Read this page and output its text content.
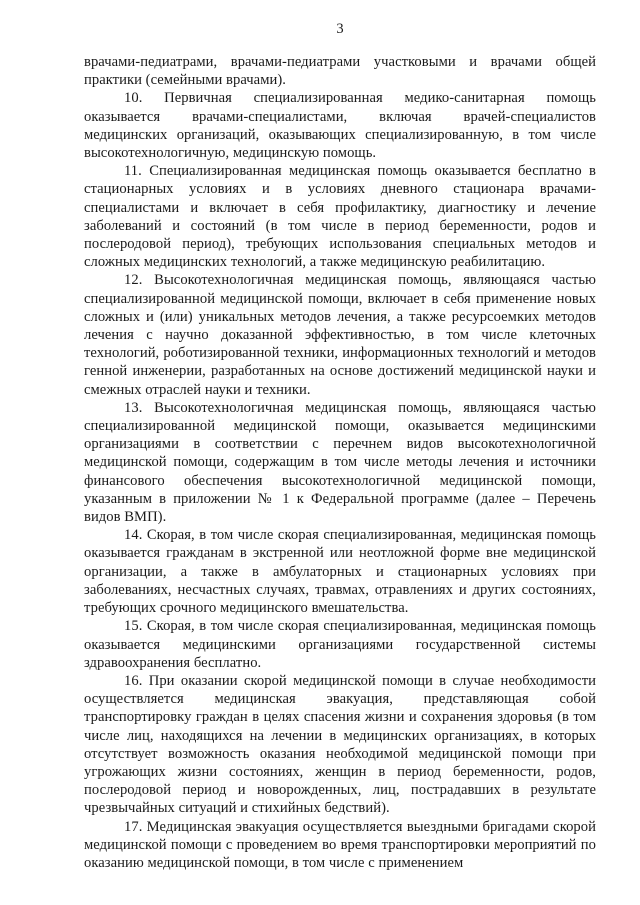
3

врачами-педиатрами, врачами-педиатрами участковыми и врачами общей практики (семейными врачами).

10. Первичная специализированная медико-санитарная помощь оказывается врачами-специалистами, включая врачей-специалистов медицинских организаций, оказывающих специализированную, в том числе высокотехнологичную, медицинскую помощь.

11. Специализированная медицинская помощь оказывается бесплатно в стационарных условиях и в условиях дневного стационара врачами-специалистами и включает в себя профилактику, диагностику и лечение заболеваний и состояний (в том числе в период беременности, родов и послеродовой период), требующих использования специальных методов и сложных медицинских технологий, а также медицинскую реабилитацию.

12. Высокотехнологичная медицинская помощь, являющаяся частью специализированной медицинской помощи, включает в себя применение новых сложных и (или) уникальных методов лечения, а также ресурсоемких методов лечения с научно доказанной эффективностью, в том числе клеточных технологий, роботизированной техники, информационных технологий и методов генной инженерии, разработанных на основе достижений медицинской науки и смежных отраслей науки и техники.

13. Высокотехнологичная медицинская помощь, являющаяся частью специализированной медицинской помощи, оказывается медицинскими организациями в соответствии с перечнем видов высокотехнологичной медицинской помощи, содержащим в том числе методы лечения и источники финансового обеспечения высокотехнологичной медицинской помощи, указанным в приложении № 1 к Федеральной программе (далее – Перечень видов ВМП).

14. Скорая, в том числе скорая специализированная, медицинская помощь оказывается гражданам в экстренной или неотложной форме вне медицинской организации, а также в амбулаторных и стационарных условиях при заболеваниях, несчастных случаях, травмах, отравлениях и других состояниях, требующих срочного медицинского вмешательства.

15. Скорая, в том числе скорая специализированная, медицинская помощь оказывается медицинскими организациями государственной системы здравоохранения бесплатно.

16. При оказании скорой медицинской помощи в случае необходимости осуществляется медицинская эвакуация, представляющая собой транспортировку граждан в целях спасения жизни и сохранения здоровья (в том числе лиц, находящихся на лечении в медицинских организациях, в которых отсутствует возможность оказания необходимой медицинской помощи при угрожающих жизни состояниях, женщин в период беременности, родов, послеродовой период и новорожденных, лиц, пострадавших в результате чрезвычайных ситуаций и стихийных бедствий).

17. Медицинская эвакуация осуществляется выездными бригадами скорой медицинской помощи с проведением во время транспортировки мероприятий по оказанию медицинской помощи, в том числе с применением
